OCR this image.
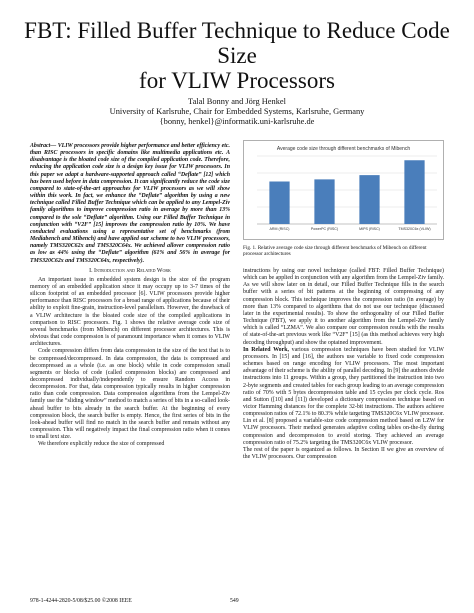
FBT: Filled Buffer Technique to Reduce Code Size
for VLIW Processors
Talal Bonny and Jörg Henkel
University of Karlsruhe, Chair for Embedded Systems, Karlsruhe, Germany
{bonny, henkel}@informatik.uni-karlsruhe.de

Abstract— VLIW processors provide higher performance and better efficiency etc. than RISC processors in specific domains like multimedia applications etc. A disadvantage is the bloated code size of the compiled application code. Therefore, reducing the application code size is a design key issue for VLIW processors. In this paper we adapt a hardware-supported approach called “Deflate” [12] which has been used before in data compression. It can significantly reduce the code size compared to state-of-the-art approaches for VLIW processors as we will show within this work. In fact, we enhance the “Deflate” algorithm by using a new technique called Filled Buffer Technique which can be applied to any Lempel-Ziv family algorithms to improve compression ratio in average by more than 13% compared to the sole “Deflate” algorithm. Using our Filled Buffer Technique in conjunction with “V2F” [15] improves the compression ratio by 10%. We have conducted evaluations using a representative set of benchmarks (from Mediabench and Mibench) and have applied our scheme to two VLIW processors, namely TMS320C62x and TMS320C64x. We achieved allover compression ratio as low as 44% using the “Deflate” algorithm (61% and 56% in average for TMS320C62x and TMS320C64x, respectively).

I. Introduction and Related Work

An important issue in embedded system design is the size of the program memory of an embedded application since it may occupy up to 3-7 times of the silicon footprint of an embedded processor [6]. VLIW processors provide higher performance than RISC processors for a broad range of applications because of their ability to exploit fine-grain, instruction-level parallelism. However, the drawback of a VLIW architecture is the bloated code size of the compiled applications in comparison to RISC processors. Fig. 1 shows the relative average code size of several benchmarks (from Mibench) on different processor architectures. This is obvious that code compression is of paramount importance when it comes to VLIW architectures.

Code compression differs from data compression in the size of the text that is to be compressed/decompressed. In data compression, the data is compressed and decompressed as a whole (i.e. as one block) while in code compression small segments or blocks of code (called compression blocks) are compressed and decompressed individually/independently to ensure Random Access in decompression. For that, data compression typically results in higher compression ratio than code compression. Data compression algorithms from the Lempel-Ziv family use the “sliding window” method to match a series of bits in a so-called look-ahead buffer to bits already in the search buffer. At the beginning of every compression block, the search buffer is empty. Hence, the first series of bits in the look-ahead buffer will find no match in the search buffer and remain without any compression. This will negatively impact the final compression ratio when it comes to small text size.

We therefore explicitly reduce the size of compressed

Average code size through different benchmarks of Mibench
ARM (RISC)	PowerPC (RISC)	MIPS (RISC)	TMS320C6x (VLIW)
Fig. 1. Relative average code size through different benchmarks of Mibench on different processor architectures

instructions by using our novel technique (called FBT: Filled Buffer Technique) which can be applied in conjunction with any algorithm from the Lempel-Ziv family. As we will show later on in detail, our Filled Buffer Technique fills in the search buffer with a series of bit patterns at the beginning of compressing of any compression block. This technique improves the compression ratio (in average) by more than 13% compared to algorithms that do not use our technique (discussed later in the experimental results). To show the orthogonality of our Filled Buffer Technique (FBT), we apply it to another algorithm from the Lempel-Ziv family which is called “LZMA”. We also compare our compression results with the results of state-of-the-art previous work like “V2F” [15] (as this method achieves very high decoding throughput) and show the optained improvement.

In Related Work, various compression techniques have been studied for VLIW processors. In [15] and [16], the authors use variable to fixed code compression schemes based on range encoding for VLIW processors. The most important advantage of their scheme is the ability of parallel decoding. In [9] the authors divide instructions into 11 groups. Within a group, they partitioned the instruction into two 2-byte segments and created tables for each group leading to an average compression ratio of 70% with 5 bytes decompression table and 15 cycles per clock cycle. Ros and Sutton ([10] and [11]) developed a dictionary compression technique based on victor Hamming distances for the complete 32-bit instructions. The authors achieve compression ratios of 72.1% to 80.3% while targeting TMS320C6x VLIW processor. Lin et al. [8] proposed a variable-size code compression method based on LZW for VLIW processors. Their method generates adaptive coding tables on-the-fly during compression and decompression to avoid storing. They achieved an average compression ratio of 75.2% targeting the TMS320C6x VLIW processor.

The rest of the paper is organized as follows. In Section II we give an overview of the VLIW processors. Our compression

978-1-4244-2820-5/08/$25.00 ©2008 IEEE	549
